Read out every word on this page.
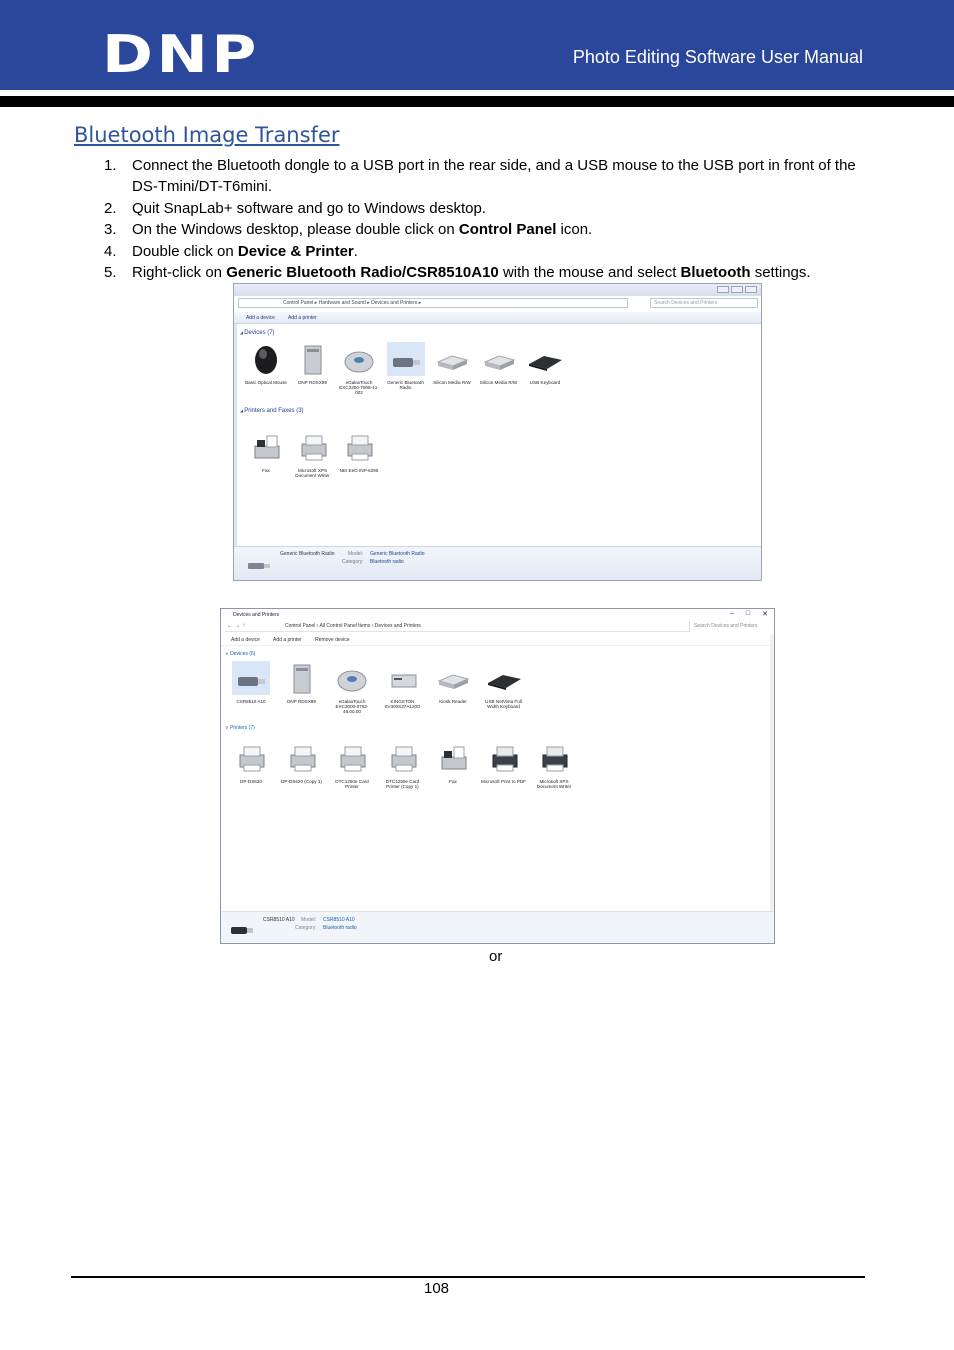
DNP	Photo Editing Software User Manual
Bluetooth Image Transfer
1. Connect the Bluetooth dongle to a USB port in the rear side, and a USB mouse to the USB port in front of the DS-Tmini/DT-T6mini.
2. Quit SnapLab+ software and go to Windows desktop.
3. On the Windows desktop, please double click on Control Panel icon.
4. Double click on Device & Printer.
5. Right-click on Generic Bluetooth Radio/CSR8510A10 with the mouse and select Bluetooth settings.
Control Panel ▸ Hardware and Sound ▸ Devices and Printers ▸	Search Devices and Printers
Add a device	Add a printer
◢ Devices (7)
Basic Optical Mouse	DNP RDSX99	eGalaxTouch EXC3200-7808-41-002
Generic Bluetooth Radio
Silicon Media R/W	Silicon Media R/W	USB Keyboard
◢ Printers and Faxes (3)
Fax	Microsoft XPS Document Writer
NEI EeO INP-8295
Generic Bluetooth Radio	Model:
Category:
Generic Bluetooth Radio
Bluetooth radio
Devices and Printers	– □ ✕
← → ↑	Control Panel › All Control Panel Items › Devices and Printers	Search Devices and Printers
Add a device	Add a printer	Remove device
∨ Devices (6)
CSR8510 A10	DNP RDSX99	eGalaxTouch EXC3000-0762-46.00.00
KINGSTON SV300S37A120G
Kiosk Reader	USB NetVista Full Width Keyboard
∨ Printers (7)
DP-DS620	DP-DS620 (Copy 1)	DTC1250e Card Printer
DTC1250e Card Printer (Copy 1)
Fax	Microsoft Print to PDF	Microsoft XPS Document Writer
CSR8510 A10 Model:
Category:
CSR8510 A10
Bluetooth radio
or
108
